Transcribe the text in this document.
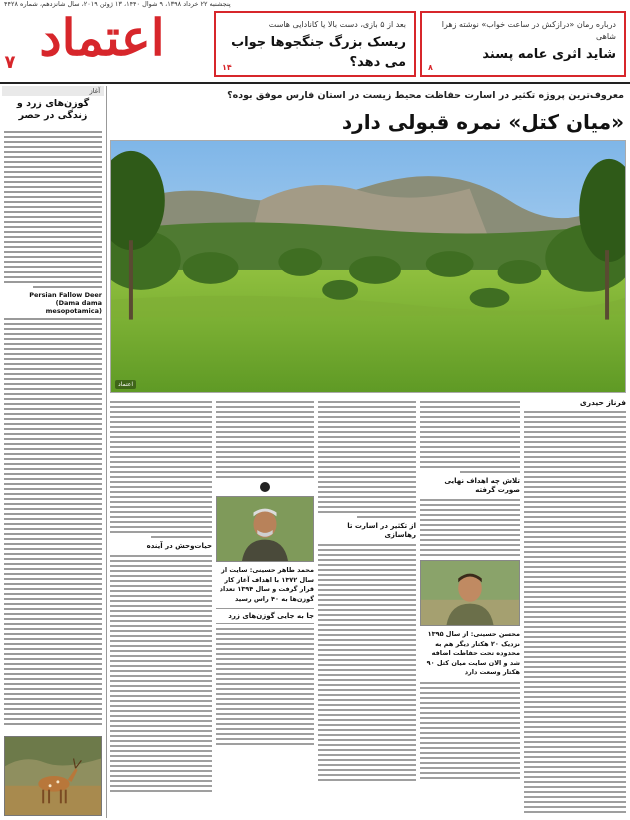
پنجشنبه ۲۲ خرداد ۱۳۹۸، ۹ شوال ۱۴۴۰، ۱۳ ژوئن ۲۰۱۹، سال شانزدهم، شماره ۴۴۲۸
درباره رمان «درازکش در ساعت خواب» نوشته زهرا شاهی
شاید اثری عامه پسند
۸
بعد از ۵ بازی، دست بالا یا کانادایی هاست
ریسک بزرگ جنگجوها جواب می دهد؟
۱۴
اعتماد
۷
آغاز
گوزن‌های زرد و زندگی در حصر
Persian Fallow Deer (Dama dama mesopotamica)
معروف‌ترین پروژه تکثیر در اسارت حفاظت محیط زیست در استان فارس موفق بوده؟
«میان کتل» نمره قبولی دارد
اعتماد
فرناز حیدری
تلاش چه اهداف نهایی صورت گرفته
محسن حسینی: از سال ۱۳۹۵ نزدیک ۲۰ هکتار دیگر هم به محدوده تحت حفاظت اضافه شد و الان سایت میان کتل ۹۰ هکتار وسعت دارد
از تکثیر در اسارت تا رهاسازی
محمد طاهر حسینی: سایت از سال ۱۳۷۲ با اهداف آغاز کار قرار گرفت و سال ۱۳۹۴ تعداد گوزن‌ها به ۴۰ راس رسید
جا به جایی گوزن‌های زرد
حیات‌وحش در آینده
